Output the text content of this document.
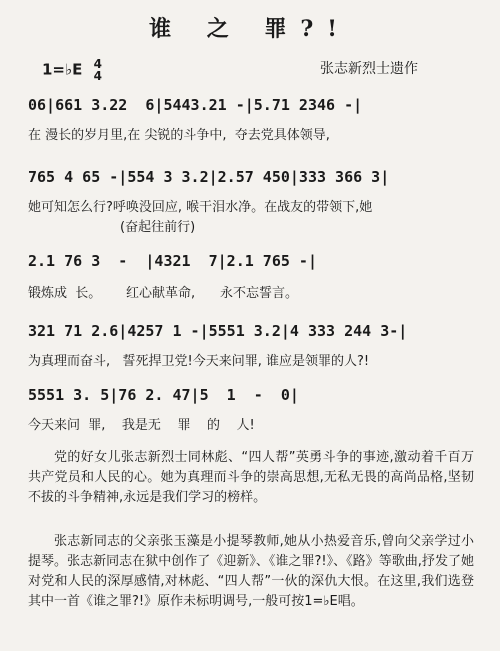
谁 之 罪?!
1=♭E 4
4	张志新烈士遗作
06|661 3.22  6|5443.21 -|5.71 2346 -|
在 漫长的岁月里,在 尖锐的斗争中,  夺去党具体领导,
765 4 65 -|554 3 3.2|2.57 450|333 366 3|
她可知怎么行?呼唤没回应, 喉干泪水净。在战友的带领下,她
(奋起往前行)
2.1 76 3  -  |4321  7|2.1 765 -|
锻炼成  长。      红心献革命,      永不忘誓言。
321 71 2.6|4257 1 -|5551 3.2|4 333 244 3-|
为真理而奋斗,   誓死捍卫党!今天来问罪, 谁应是领罪的人?!
5551 3. 5|76 2. 47|5  1  -  0|
今天来问  罪,    我是无    罪    的    人!
党的好女儿张志新烈士同林彪、“四人帮”英勇斗争的事迹,激动着千百万共产党员和人民的心。她为真理而斗争的崇高思想,无私无畏的高尚品格,坚韧不拔的斗争精神,永远是我们学习的榜样。
张志新同志的父亲张玉藻是小提琴教师,她从小热爱音乐,曾向父亲学过小提琴。张志新同志在狱中创作了《迎新》、《谁之罪?!》、《路》等歌曲,抒发了她对党和人民的深厚感情,对林彪、“四人帮”一伙的深仇大恨。在这里,我们选登其中一首《谁之罪?!》原作未标明调号,一般可按1=♭E唱。
